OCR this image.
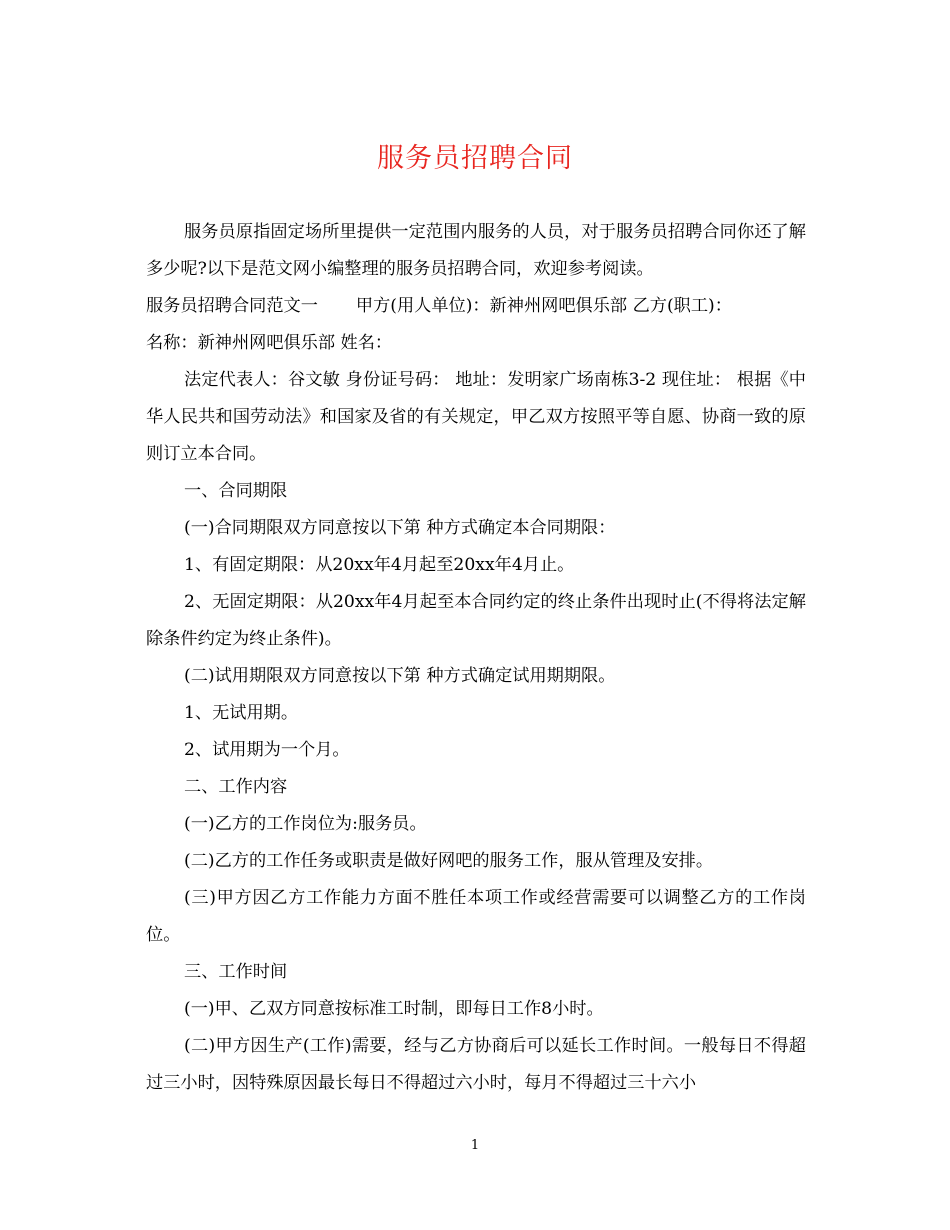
服务员招聘合同

服务员原指固定场所里提供一定范围内服务的人员，对于服务员招聘合同你还了解多少呢?以下是范文网小编整理的服务员招聘合同，欢迎参考阅读。

服务员招聘合同范文一 甲方(用人单位)：新神州网吧俱乐部 乙方(职工)：

名称：新神州网吧俱乐部 姓名：

法定代表人：谷文敏 身份证号码： 地址：发明家广场南栋3-2 现住址： 根据《中华人民共和国劳动法》和国家及省的有关规定，甲乙双方按照平等自愿、协商一致的原则订立本合同。

一、合同期限

(一)合同期限双方同意按以下第 种方式确定本合同期限：

1、有固定期限：从20xx年4月起至20xx年4月止。

2、无固定期限：从20xx年4月起至本合同约定的终止条件出现时止(不得将法定解除条件约定为终止条件)。

(二)试用期限双方同意按以下第 种方式确定试用期期限。

1、无试用期。

2、试用期为一个月。

二、工作内容

(一)乙方的工作岗位为:服务员。

(二)乙方的工作任务或职责是做好网吧的服务工作，服从管理及安排。

(三)甲方因乙方工作能力方面不胜任本项工作或经营需要可以调整乙方的工作岗位。

三、工作时间

(一)甲、乙双方同意按标准工时制，即每日工作8小时。

(二)甲方因生产(工作)需要，经与乙方协商后可以延长工作时间。一般每日不得超过三小时，因特殊原因最长每日不得超过六小时，每月不得超过三十六小

1
